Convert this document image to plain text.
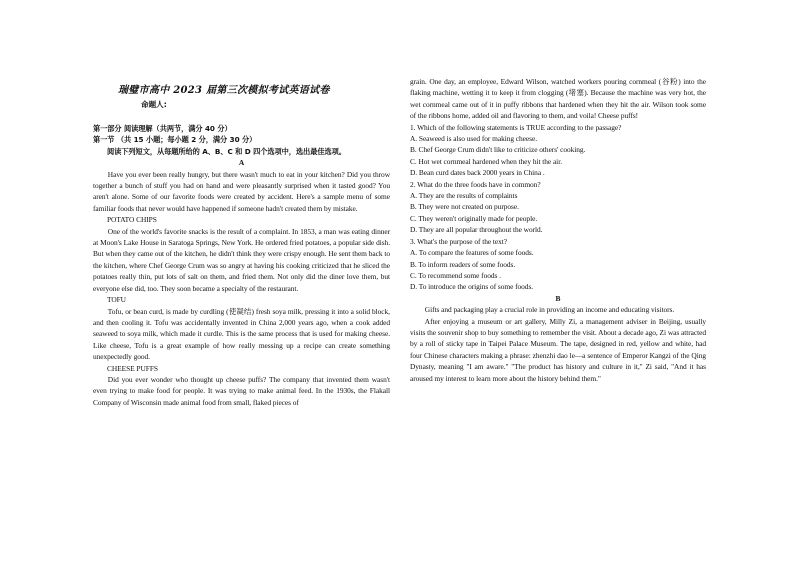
瑞璧市高中 2023 届第三次模拟考试英语试卷
命题人:

第一部分 阅读理解（共两节，满分 40 分）

第一节 （共 15 小题；每小题 2 分，满分 30 分）

阅读下列短文，从每题所给的 A、B、C 和 D 四个选项中，选出最佳选项。

A

Have you ever been really hungry, but there wasn't much to eat in your kitchen? Did you throw together a bunch of stuff you had on hand and were pleasantly surprised when it tasted good? You aren't alone. Some of our favorite foods were created by accident. Here's a sample menu of some familiar foods that never would have happened if someone hadn't created them by mistake.

POTATO CHIPS

One of the world's favorite snacks is the result of a complaint. In 1853, a man was eating dinner at Moon's Lake House in Saratoga Springs, New York. He ordered fried potatoes, a popular side dish. But when they came out of the kitchen, he didn't think they were crispy enough. He sent them back to the kitchen, where Chef George Crum was so angry at having his cooking criticized that he sliced the potatoes really thin, put lots of salt on them, and fried them. Not only did the diner love them, but everyone else did, too. They soon became a specialty of the restaurant.

TOFU

Tofu, or bean curd, is made by curdling (使凝结) fresh soya milk, pressing it into a solid block, and then cooling it. Tofu was accidentally invented in China 2,000 years ago, when a cook added seaweed to soya milk, which made it curdle. This is the same process that is used for making cheese. Like cheese, Tofu is a great example of how really messing up a recipe can create something unexpectedly good.

CHEESE PUFFS

Did you ever wonder who thought up cheese puffs? The company that invented them wasn't even trying to make food for people. It was trying to make animal feed. In the 1930s, the Flakall Company of Wisconsin made animal food from small, flaked pieces of

grain. One day, an employee, Edward Wilson, watched workers pouring cornmeal (谷粉) into the flaking machine, wetting it to keep it from clogging (堵塞). Because the machine was very hot, the wet cornmeal came out of it in puffy ribbons that hardened when they hit the air. Wilson took some of the ribbons home, added oil and flavoring to them, and voila! Cheese puffs!

1. Which of the following statements is TRUE according to the passage?

A. Seaweed is also used for making cheese.

B. Chef George Crum didn't like to criticize others' cooking.

C. Hot wet cornmeal hardened when they hit the air.

D. Bean curd dates back 2000 years in China .

2. What do the three foods have in common?

A. They are the results of complaints

B. They were not created on purpose.

C. They weren't originally made for people.

D. They are all popular throughout the world.

3. What's the purpose of the text?

A. To compare the features of some foods.

B. To inform readers of some foods.

C. To recommend some foods .

D. To introduce the origins of some foods.

B

Gifts and packaging play a crucial role in providing an income and educating visitors.

After enjoying a museum or art gallery, Milly Zi, a management adviser in Beijing, usually visits the souvenir shop to buy something to remember the visit. About a decade ago, Zi was attracted by a roll of sticky tape in Taipei Palace Museum. The tape, designed in red, yellow and white, had four Chinese characters making a phrase: zhenzhi dao le—a sentence of Emperor Kangzi of the Qing Dynasty, meaning "I am aware." "The product has history and culture in it," Zi said, "And it has aroused my interest to learn more about the history behind them."
